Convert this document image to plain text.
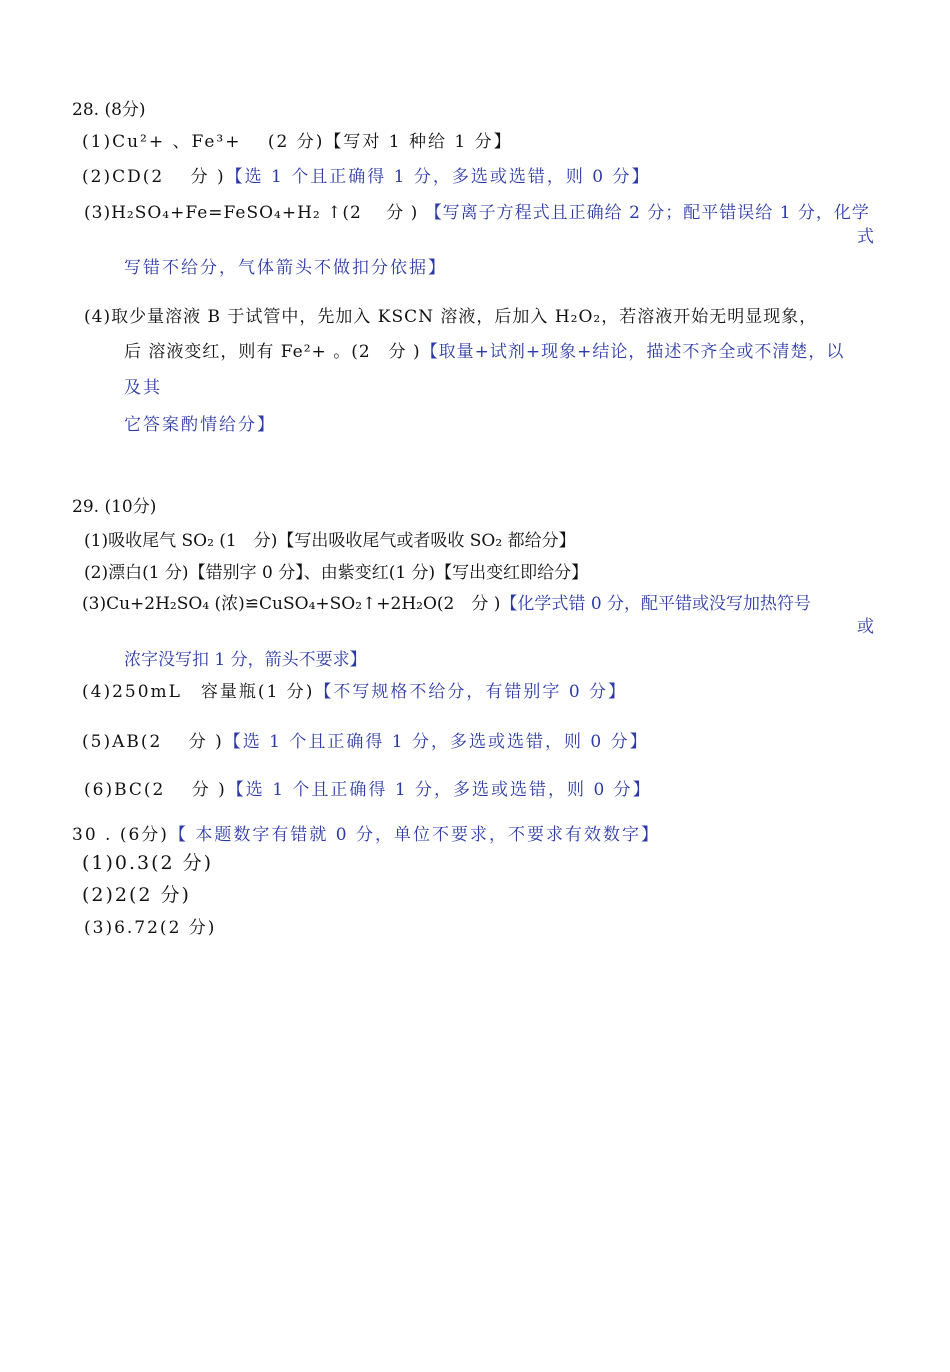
28. (8分)
(1)Cu²+ 、Fe³+　 (2 分)【写对 1 种给 1 分】
(2)CD(2　 分 )【选 1 个且正确得 1 分，多选或选错，则 0 分】
(3)H₂SO₄+Fe=FeSO₄+H₂ ↑(2　 分 ) 【写离子方程式且正确给 2 分；配平错误给 1 分，化学
式
写错不给分，气体箭头不做扣分依据】
(4)取少量溶液 B 于试管中，先加入 KSCN 溶液，后加入 H₂O₂，若溶液开始无明显现象，
后 溶液变红，则有 Fe²+ 。(2　分 )【取量+试剂+现象+结论，描述不齐全或不清楚，以
及其
它答案酌情给分】
29. (10分)
(1)吸收尾气 SO₂ (1　分)【写出吸收尾气或者吸收 SO₂ 都给分】
(2)漂白(1 分)【错别字 0 分】、由紫变红(1 分)【写出变红即给分】
(3)Cu+2H₂SO₄ (浓)≌CuSO₄+SO₂↑+2H₂O(2　分 )【化学式错 0 分，配平错或没写加热符号
或
浓字没写扣 1 分，箭头不要求】
(4)250mL　容量瓶(1 分)【不写规格不给分，有错别字 0 分】
(5)AB(2　 分 )【选 1 个且正确得 1 分，多选或选错，则 0 分】
(6)BC(2　 分 )【选 1 个且正确得 1 分，多选或选错，则 0 分】
30 . (6分)【 本题数字有错就 0 分，单位不要求，不要求有效数字】
(1)0.3(2 分)
(2)2(2 分)
(3)6.72(2 分)
